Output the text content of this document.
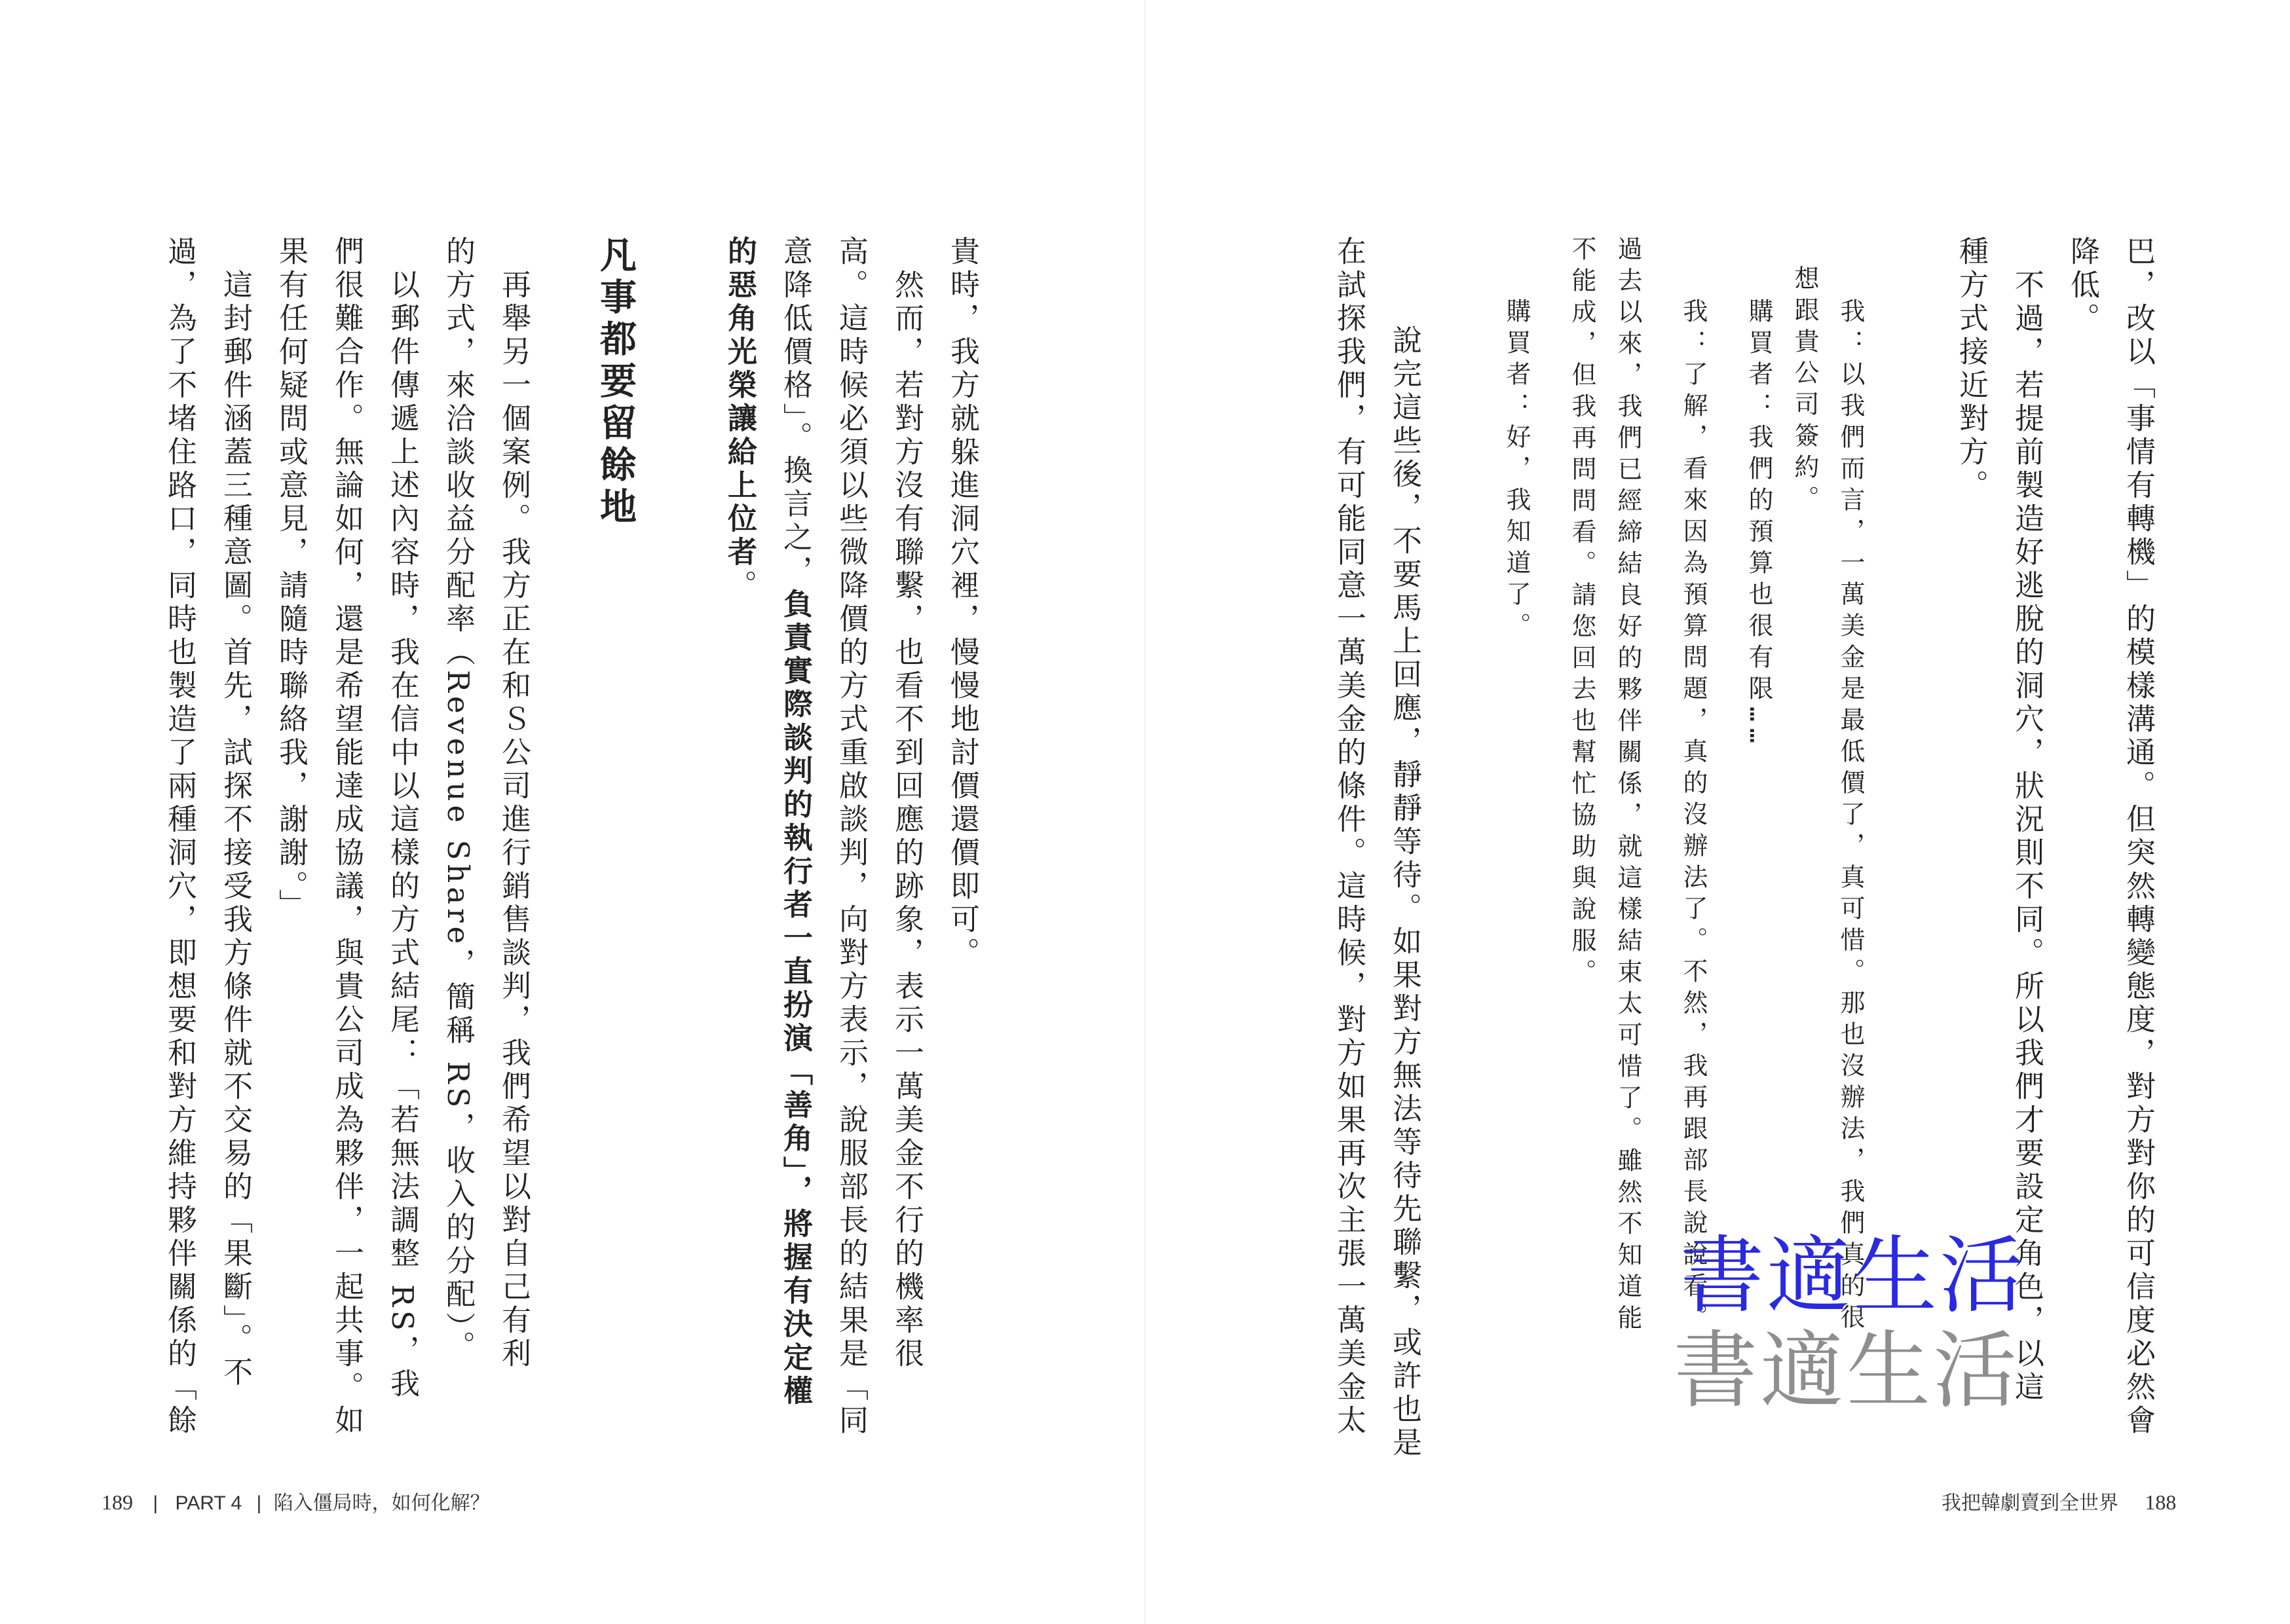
巴，改以「事情有轉機」的模樣溝通。但突然轉變態度，對方對你的可信度必然會
降低。
　不過，若提前製造好逃脫的洞穴，狀況則不同。所以我們才要設定角色，以這
種方式接近對方。
我：以我們而言，一萬美金是最低價了，真可惜。那也沒辦法，我們真的很
想跟貴公司簽約。
購買者：我們的預算也很有限……
我：了解，看來因為預算問題，真的沒辦法了。不然，我再跟部長說說看。
過去以來，我們已經締結良好的夥伴關係，就這樣結束太可惜了。雖然不知道能
不能成，但我再問問看。請您回去也幫忙協助與說服。
購買者：好，我知道了。
　說完這些後，不要馬上回應，靜靜等待。如果對方無法等待先聯繫，或許也是
在試探我們，有可能同意一萬美金的條件。這時候，對方如果再次主張一萬美金太
貴時，我方就躲進洞穴裡，慢慢地討價還價即可。
　然而，若對方沒有聯繫，也看不到回應的跡象，表示一萬美金不行的機率很
高。這時候必須以些微降價的方式重啟談判，向對方表示，說服部長的結果是「同
意降低價格」。換言之，負責實際談判的執行者一直扮演「善角」，將握有決定權
的惡角光榮讓給上位者。
凡事都要留餘地
　再舉另一個案例。我方正在和Ｓ公司進行銷售談判，我們希望以對自己有利
的方式，來洽談收益分配率（Revenue Share，簡稱 RS，收入的分配）。
　以郵件傳遞上述內容時，我在信中以這樣的方式結尾：「若無法調整 RS，我
們很難合作。無論如何，還是希望能達成協議，與貴公司成為夥伴，一起共事。如
果有任何疑問或意見，請隨時聯絡我，謝謝。」
　這封郵件涵蓋三種意圖。首先，試探不接受我方條件就不交易的「果斷」。不
過，為了不堵住路口，同時也製造了兩種洞穴，即想要和對方維持夥伴關係的「餘
189 | PART 4 | 陷入僵局時，如何化解？	我把韓劇賣到全世界 188
書適生活
書適生活
